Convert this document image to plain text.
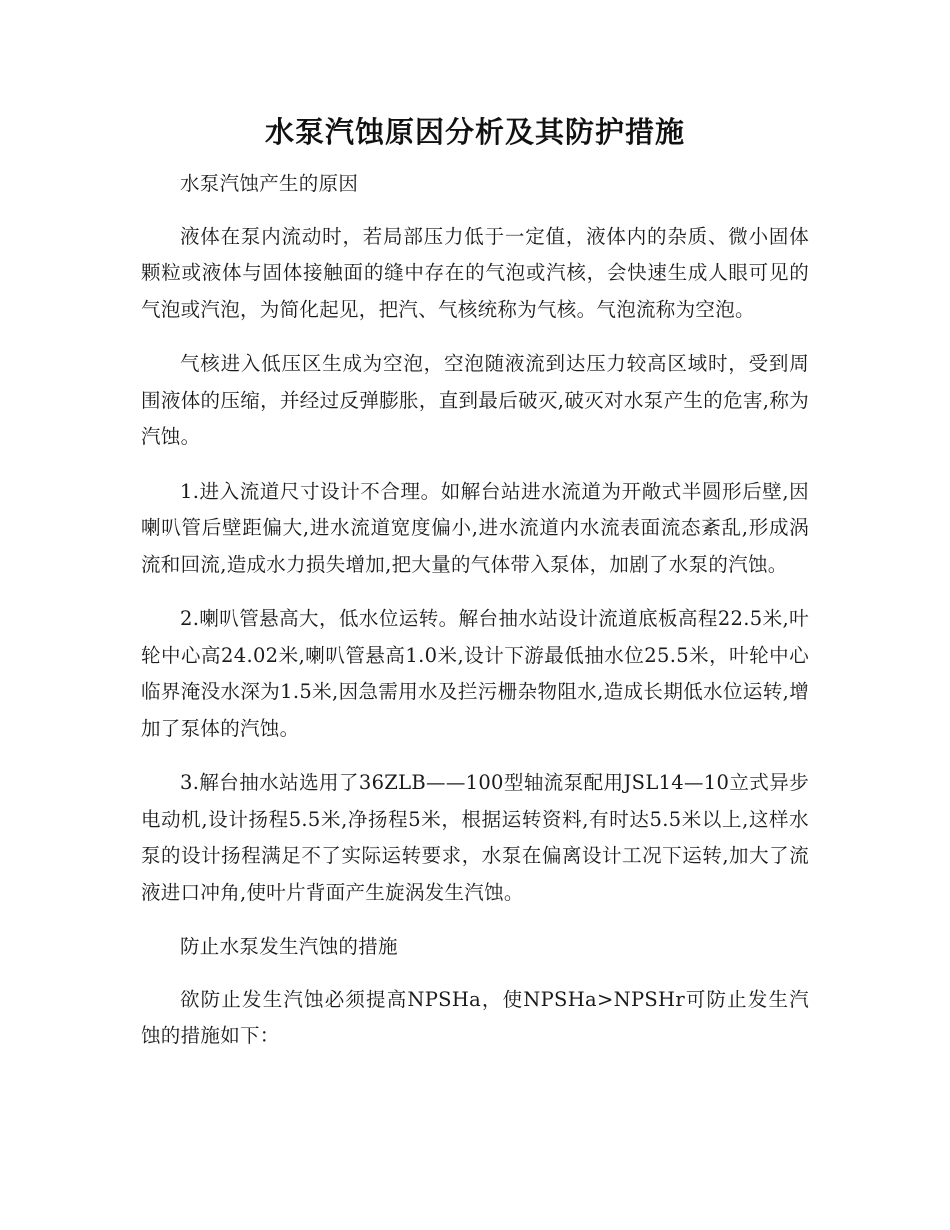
水泵汽蚀原因分析及其防护措施

水泵汽蚀产生的原因

液体在泵内流动时，若局部压力低于一定值，液体内的杂质、微小固体颗粒或液体与固体接触面的缝中存在的气泡或汽核，会快速生成人眼可见的气泡或汽泡，为简化起见，把汽、气核统称为气核。气泡流称为空泡。

气核进入低压区生成为空泡，空泡随液流到达压力较高区域时，受到周围液体的压缩，并经过反弹膨胀，直到最后破灭,破灭对水泵产生的危害,称为汽蚀。

1.进入流道尺寸设计不合理。如解台站进水流道为开敞式半圆形后壁,因喇叭管后壁距偏大,进水流道宽度偏小,进水流道内水流表面流态紊乱,形成涡流和回流,造成水力损失增加,把大量的气体带入泵体，加剧了水泵的汽蚀。

2.喇叭管悬高大，低水位运转。解台抽水站设计流道底板高程22.5米,叶轮中心高24.02米,喇叭管悬高1.0米,设计下游最低抽水位25.5米，叶轮中心临界淹没水深为1.5米,因急需用水及拦污栅杂物阻水,造成长期低水位运转,增加了泵体的汽蚀。

3.解台抽水站选用了36ZLB——100型轴流泵配用JSL14—10立式异步电动机,设计扬程5.5米,净扬程5米，根据运转资料,有时达5.5米以上,这样水泵的设计扬程满足不了实际运转要求，水泵在偏离设计工况下运转,加大了流液进口冲角,使叶片背面产生旋涡发生汽蚀。

防止水泵发生汽蚀的措施

欲防止发生汽蚀必须提高NPSHa，使NPSHa>NPSHr可防止发生汽蚀的措施如下：
